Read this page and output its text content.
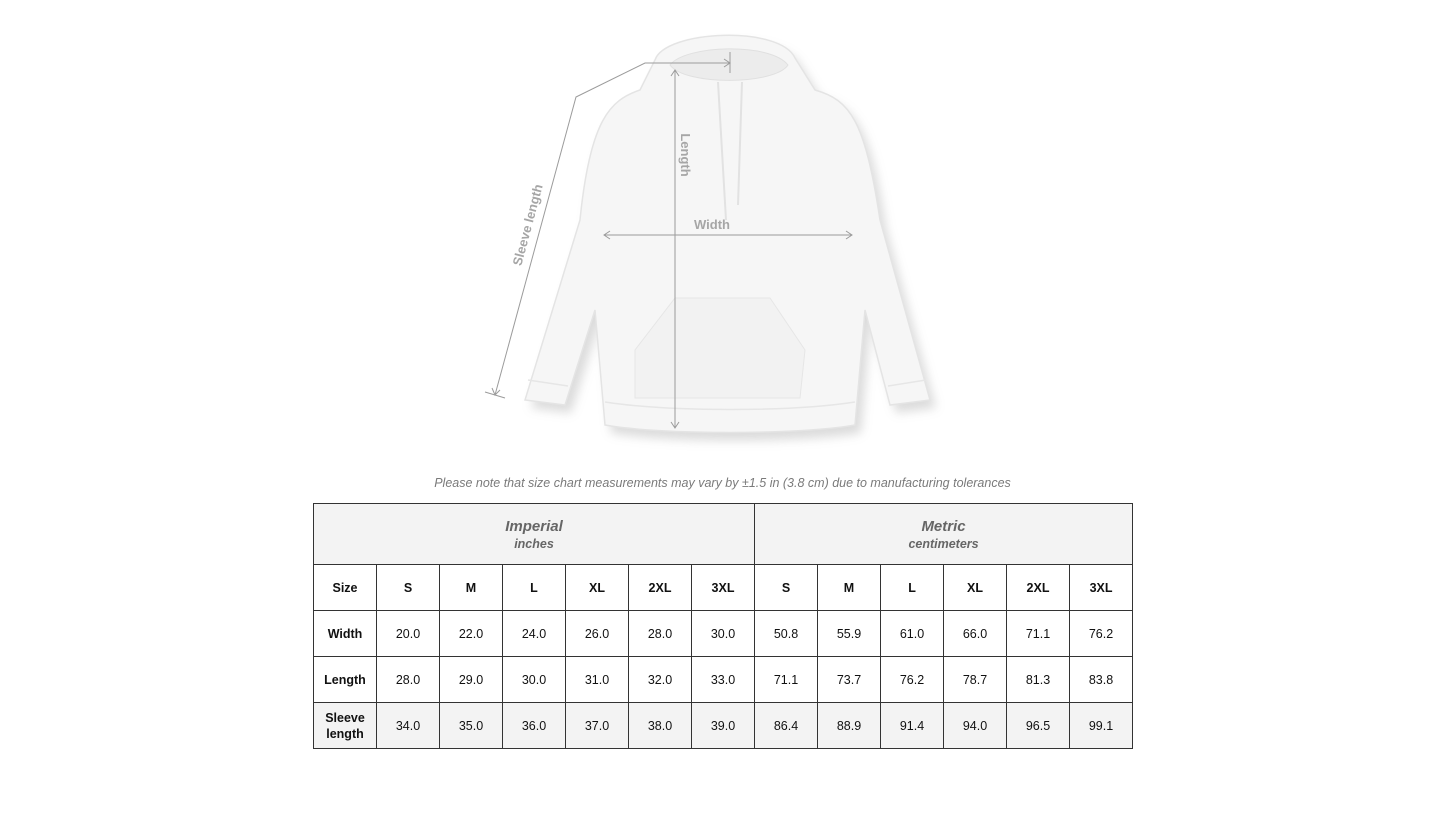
Length
Width
Sleeve length
Please note that size chart measurements may vary by ±1.5 in (3.8 cm) due to manufacturing tolerances
Imperial
inches							Metric
centimeters					

Size	S	M	L	XL	2XL	3XL	S	M	L	XL	2XL	3XL
Width	20.0	22.0	24.0	26.0	28.0	30.0	50.8	55.9	61.0	66.0	71.1	76.2
Length	28.0	29.0	30.0	31.0	32.0	33.0	71.1	73.7	76.2	78.7	81.3	83.8
Sleeve
length	34.0	35.0	36.0	37.0	38.0	39.0	86.4	88.9	91.4	94.0	96.5	99.1
